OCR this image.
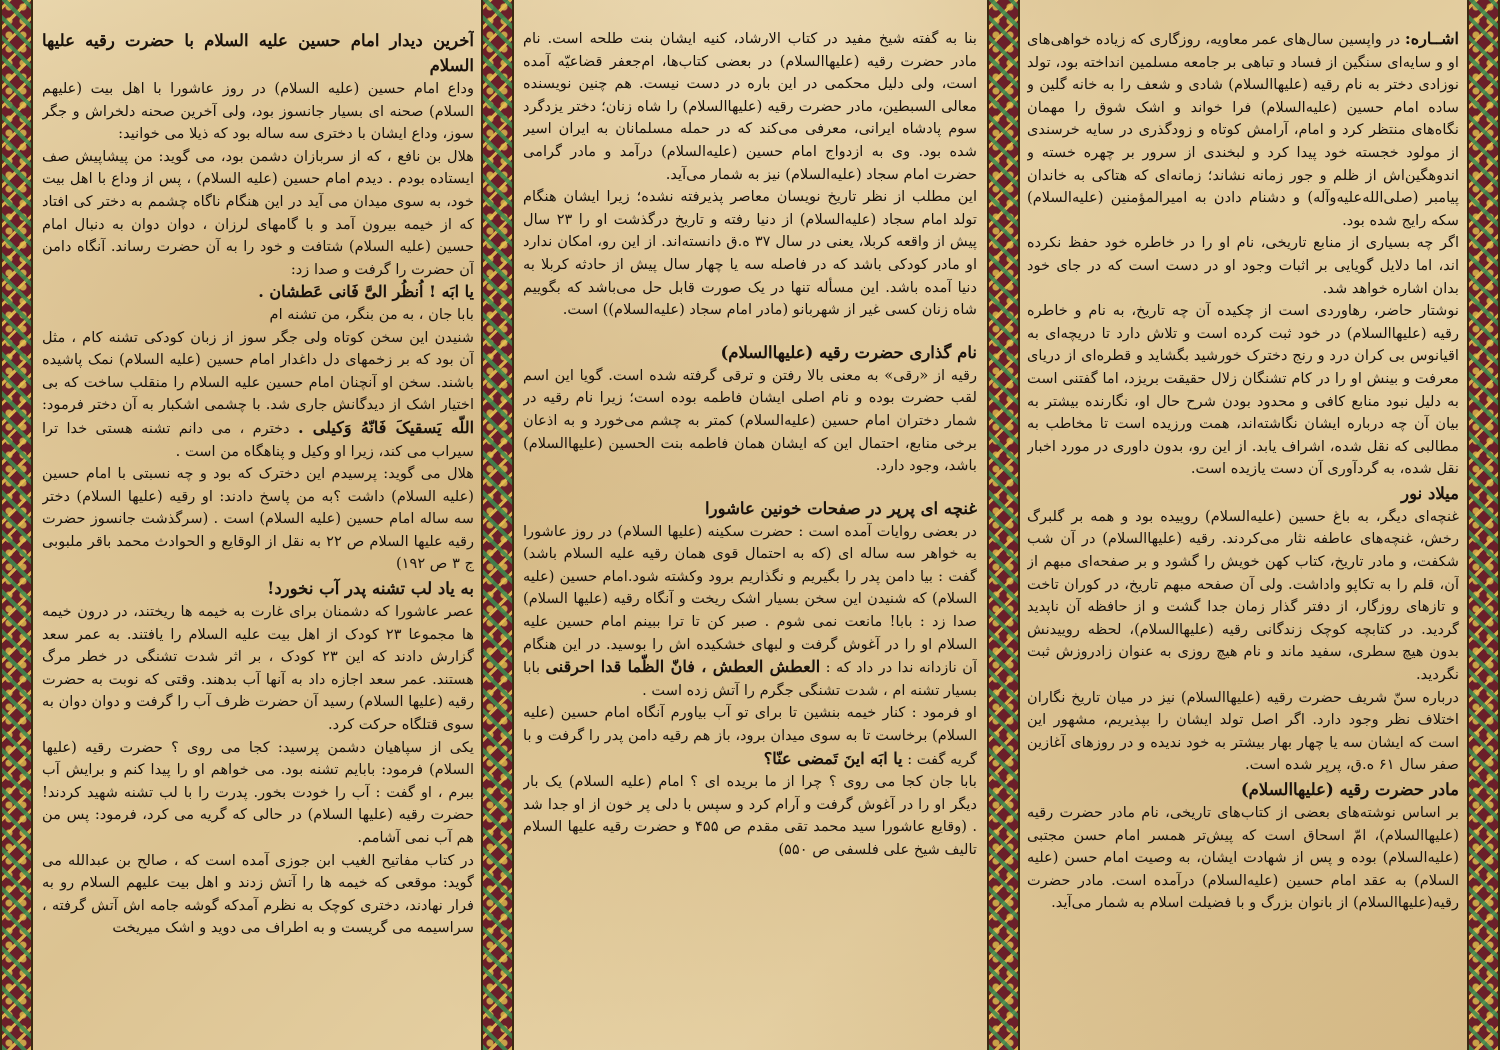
اشــاره: در واپسین سال‌های عمر معاویه، روزگاری که زیاده خواهی‌های او و سایه‌ای سنگین از فساد و تباهی بر جامعه مسلمین انداخته بود، تولد نوزادی دختر به نام رقیه (علیهاالسلام) شادی و شعف را به خانه گلین و ساده امام حسین (علیه‌السلام) فرا خواند و اشک شوق را مهمان نگاه‌های منتظر کرد و امام، آرامش کوتاه و زودگذری در سایه خرسندی از مولود خجسته خود پیدا کرد و لبخندی از سرور بر چهره خسته و اندوهگین‌اش از ظلم و جور زمانه نشاند؛ زمانه‌ای که هتاکی به خاندان پیامبر (صلی‌الله‌علیه‌وآله) و دشنام دادن به امیرالمؤمنین (علیه‌السلام) سکه رایج شده بود.

اگر چه بسیاری از منابع تاریخی، نام او را در خاطره خود حفظ نکرده اند، اما دلایل گویایی بر اثبات وجود او در دست است که در جای خود بدان اشاره خواهد شد.

نوشتار حاضر، رهاوردی است از چکیده آن چه تاریخ، به نام و خاطره رقیه (علیهاالسلام) در خود ثبت کرده است و تلاش دارد تا دریچه‌ای به اقیانوس بی کران درد و رنج دخترک خورشید بگشاید و قطره‌ای از دریای معرفت و بینش او را در کام تشنگان زلال حقیقت بریزد، اما گفتنی است به دلیل نبود منابع کافی و محدود بودن شرح حال او، نگارنده بیشتر به بیان آن چه درباره ایشان نگاشته‌اند، همت ورزیده است تا مخاطب به مطالبی که نقل شده، اشراف یابد. از این رو، بدون داوری در مورد اخبار نقل شده، به گردآوری آن دست یازیده است.

میلاد نور

غنچه‌ای دیگر، به باغ حسین (علیه‌السلام) روییده بود و همه بر گلبرگ رخش، غنچه‌های عاطفه نثار می‌کردند. رقیه (علیهاالسلام) در آن شب شکفت، و مادر تاریخ، کتاب کهن خویش را گشود و بر صفحه‌ای مبهم از آن، قلم را به تکاپو واداشت. ولی آن صفحه مبهم تاریخ، در کوران تاخت و تازهای روزگار، از دفتر گذار زمان جدا گشت و از حافظه آن ناپدید گردید. در کتابچه کوچک زندگانی رقیه (علیهاالسلام)، لحظه روییدنش بدون هیچ سطری، سفید ماند و نام هیچ روزی به عنوان زادروزش ثبت نگردید.

درباره سنّ شریف حضرت رقیه (علیهاالسلام) نیز در میان تاریخ نگاران اختلاف نظر وجود دارد. اگر اصل تولد ایشان را بپذیریم، مشهور این است که ایشان سه یا چهار بهار بیشتر به خود ندیده و در روزهای آغازین صفر سال ۶۱ ه.ق، پرپر شده است.

مادر حضرت رقیه (علیهاالسلام)

بر اساس نوشته‌های بعضی از کتاب‌های تاریخی، نام مادر حضرت رقیه (علیهاالسلام)، امّ اسحاق است که پیش‌تر همسر امام حسن مجتبی (علیه‌السلام) بوده و پس از شهادت ایشان، به وصیت امام حسن (علیه السلام) به عقد امام حسین (علیه‌السلام) درآمده است. مادر حضرت رقیه(علیهاالسلام) از بانوان بزرگ و با فضیلت اسلام به شمار می‌آید.

بنا به گفته شیخ مفید در کتاب الارشاد، کنیه ایشان بنت طلحه است. نام مادر حضرت رقیه (علیهاالسلام) در بعضی کتاب‌ها، ام‌جعفر قضاعیّه آمده است، ولی دلیل محکمی در این باره در دست نیست. هم چنین نویسنده معالی السبطین، مادر حضرت رقیه (علیهاالسلام) را شاه زنان؛ دختر یزدگرد سوم پادشاه ایرانی، معرفی می‌کند که در حمله مسلمانان به ایران اسیر شده بود. وی به ازدواج امام حسین (علیه‌السلام) درآمد و مادر گرامی حضرت امام سجاد (علیه‌السلام) نیز به شمار می‌آید.

این مطلب از نظر تاریخ نویسان معاصر پذیرفته نشده؛ زیرا ایشان هنگام تولد امام سجاد (علیه‌السلام) از دنیا رفته و تاریخ درگذشت او را ۲۳ سال پیش از واقعه کربلا، یعنی در سال ۳۷ ه.ق دانسته‌اند. از این رو، امکان ندارد او مادر کودکی باشد که در فاصله سه یا چهار سال پیش از حادثه کربلا به دنیا آمده باشد. این مسأله تنها در یک صورت قابل حل می‌باشد که بگوییم شاه زنان کسی غیر از شهربانو (مادر امام سجاد (علیه‌السلام)) است.

نام گذاری حضرت رقیه (علیهاالسلام)

رقیه از «رقی» به معنی بالا رفتن و ترقی گرفته شده است. گویا این اسم لقب حضرت بوده و نام اصلی ایشان فاطمه بوده است؛ زیرا نام رقیه در شمار دختران امام حسین (علیه‌السلام) کمتر به چشم می‌خورد و به اذعان برخی منابع، احتمال این که ایشان همان فاطمه بنت الحسین (علیهاالسلام) باشد، وجود دارد.

غنچه ای پرپر در صفحات خونین عاشورا

در بعضی روایات آمده است : حضرت سکینه (علیها السلام) در روز عاشورا به خواهر سه ساله ای (که به احتمال قوی همان رقیه علیه السلام باشد) گفت : بیا دامن پدر را بگیریم و نگذاریم برود وکشته شود.امام حسین (علیه السلام) که شنیدن این سخن بسیار اشک ریخت و آنگاه رقیه (علیها السلام) صدا زد : بابا! مانعت نمی شوم . صبر کن تا ترا ببینم امام حسین علیه السلام او را در آغوش گرفت و لبهای خشکیده اش را بوسید. در این هنگام آن نازدانه ندا در داد که : العطش العطش ، فانّ الظّما قدا احرقنی بابا بسیار تشنه ام ، شدت تشنگی جگرم را آتش زده است .

او فرمود : کنار خیمه بنشین تا برای تو آب بیاورم آنگاه امام حسین (علیه السلام) برخاست تا به سوی میدان برود، باز هم رقیه دامن پدر را گرفت و با گریه گفت : یا ابَه اینَ تَمضی عنّا؟

بابا جان کجا می روی ؟ چرا از ما بریده ای ؟ امام (علیه السلام) یک بار دیگر او را در آغوش گرفت و آرام کرد و سپس با دلی پر خون از او جدا شد . (وقایع عاشورا سید محمد تقی مقدم ص ۴۵۵ و حضرت رقیه علیها السلام تالیف شیخ علی فلسفی ص ۵۵۰)

آخرین دیدار امام حسین علیه السلام با حضرت رقیه علیها السلام

وداع امام حسین (علیه السلام) در روز عاشورا با اهل بیت (علیهم السلام) صحنه ای بسیار جانسوز بود، ولی آخرین صحنه دلخراش و جگر سوز، وداع ایشان با دختری سه ساله بود که ذیلا می خوانید:

هلال بن نافع ، که از سربازان دشمن بود، می گوید: من پیشاپیش صف ایستاده بودم . دیدم امام حسین (علیه السلام) ، پس از وداع با اهل بیت خود، به سوی میدان می آید در این هنگام ناگاه چشمم به دختر کی افتاد که از خیمه بیرون آمد و با گامهای لرزان ، دوان دوان به دنبال امام حسین (علیه السلام) شتافت و خود را به آن حضرت رساند. آنگاه دامن آن حضرت را گرفت و صدا زد:

یا ابَه ! اُنظُر الیَّ فَانی عَطشان .

بابا جان ، به من بنگر، من تشنه ام

شنیدن این سخن کوتاه ولی جگر سوز از زبان کودکی تشنه کام ، مثل آن بود که بر زخمهای دل داغدار امام حسین (علیه السلام) نمک پاشیده باشند. سخن او آنچنان امام حسین علیه السلام را منقلب ساخت که بی اختیار اشک از دیدگانش جاری شد. با چشمی اشکبار به آن دختر فرمود: اللّه یَسقیکَ فَانّهُ وَکیلی . دخترم ، می دانم تشنه هستی خدا ترا سیراب می کند، زیرا او وکیل و پناهگاه من است .

هلال می گوید: پرسیدم این دخترک که بود و چه نسبتی با امام حسین (علیه السلام) داشت ؟به من پاسخ دادند: او رقیه (علیها السلام) دختر سه ساله امام حسین (علیه السلام) است . (سرگذشت جانسوز حضرت رقیه علیها السلام ص ۲۲ به نقل از الوقایع و الحوادث محمد باقر ملبوبی ج ۳ ص ۱۹۲)

به یاد لب تشنه پدر آب نخورد!

عصر عاشورا که دشمنان برای غارت به خیمه ها ریختند، در درون خیمه ها مجموعا ۲۳ کودک از اهل بیت علیه السلام را یافتند. به عمر سعد گزارش دادند که این ۲۳ کودک ، بر اثر شدت تشنگی در خطر مرگ هستند. عمر سعد اجازه داد به آنها آب بدهند. وقتی که نوبت به حضرت رقیه (علیها السلام) رسید آن حضرت ظرف آب را گرفت و دوان دوان به سوی قتلگاه حرکت کرد.

یکی از سپاهیان دشمن پرسید: کجا می روی ؟ حضرت رقیه (علیها السلام) فرمود: بابایم تشنه بود. می خواهم او را پیدا کنم و برایش آب ببرم ، او گفت : آب را خودت بخور. پدرت را با لب تشنه شهید کردند! حضرت رقیه (علیها السلام) در حالی که گریه می کرد، فرمود: پس من هم آب نمی آشامم.

در کتاب مفاتیح الغیب ابن جوزی آمده است که ، صالح بن عبدالله می گوید: موقعی که خیمه ها را آتش زدند و اهل بیت علیهم السلام رو به فرار نهادند، دختری کوچک به نظرم آمدکه گوشه جامه اش آتش گرفته ، سراسیمه می گریست و به اطراف می دوید و اشک میریخت
